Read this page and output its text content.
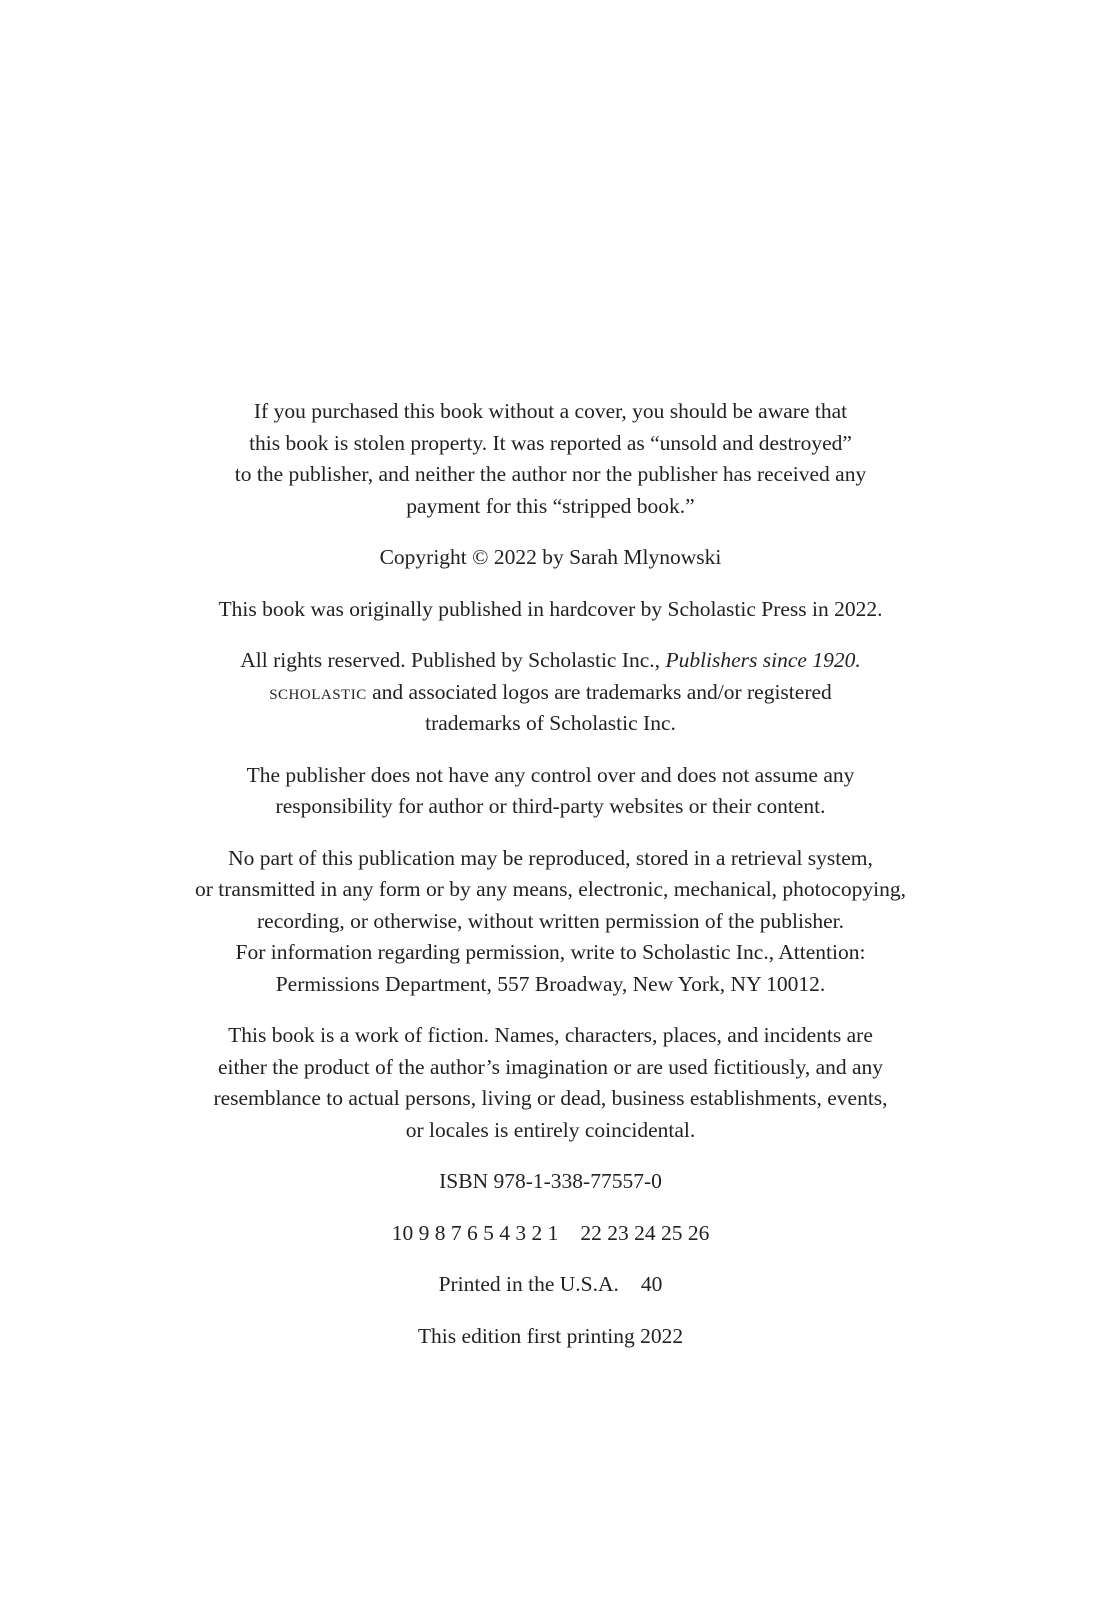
If you purchased this book without a cover, you should be aware that
this book is stolen property. It was reported as “unsold and destroyed”
to the publisher, and neither the author nor the publisher has received any
payment for this “stripped book.”

Copyright © 2022 by Sarah Mlynowski

This book was originally published in hardcover by Scholastic Press in 2022.

All rights reserved. Published by Scholastic Inc., Publishers since 1920.
scholastic and associated logos are trademarks and/or registered
trademarks of Scholastic Inc.

The publisher does not have any control over and does not assume any
responsibility for author or third-party websites or their content.

No part of this publication may be reproduced, stored in a retrieval system,
or transmitted in any form or by any means, electronic, mechanical, photocopying,
recording, or otherwise, without written permission of the publisher.
For information regarding permission, write to Scholastic Inc., Attention:
Permissions Department, 557 Broadway, New York, NY 10012.

This book is a work of fiction. Names, characters, places, and incidents are
either the product of the author’s imagination or are used fictitiously, and any
resemblance to actual persons, living or dead, business establishments, events,
or locales is entirely coincidental.

ISBN 978-1-338-77557-0

10 9 8 7 6 5 4 3 2 1 22 23 24 25 26

Printed in the U.S.A. 40

This edition first printing 2022
